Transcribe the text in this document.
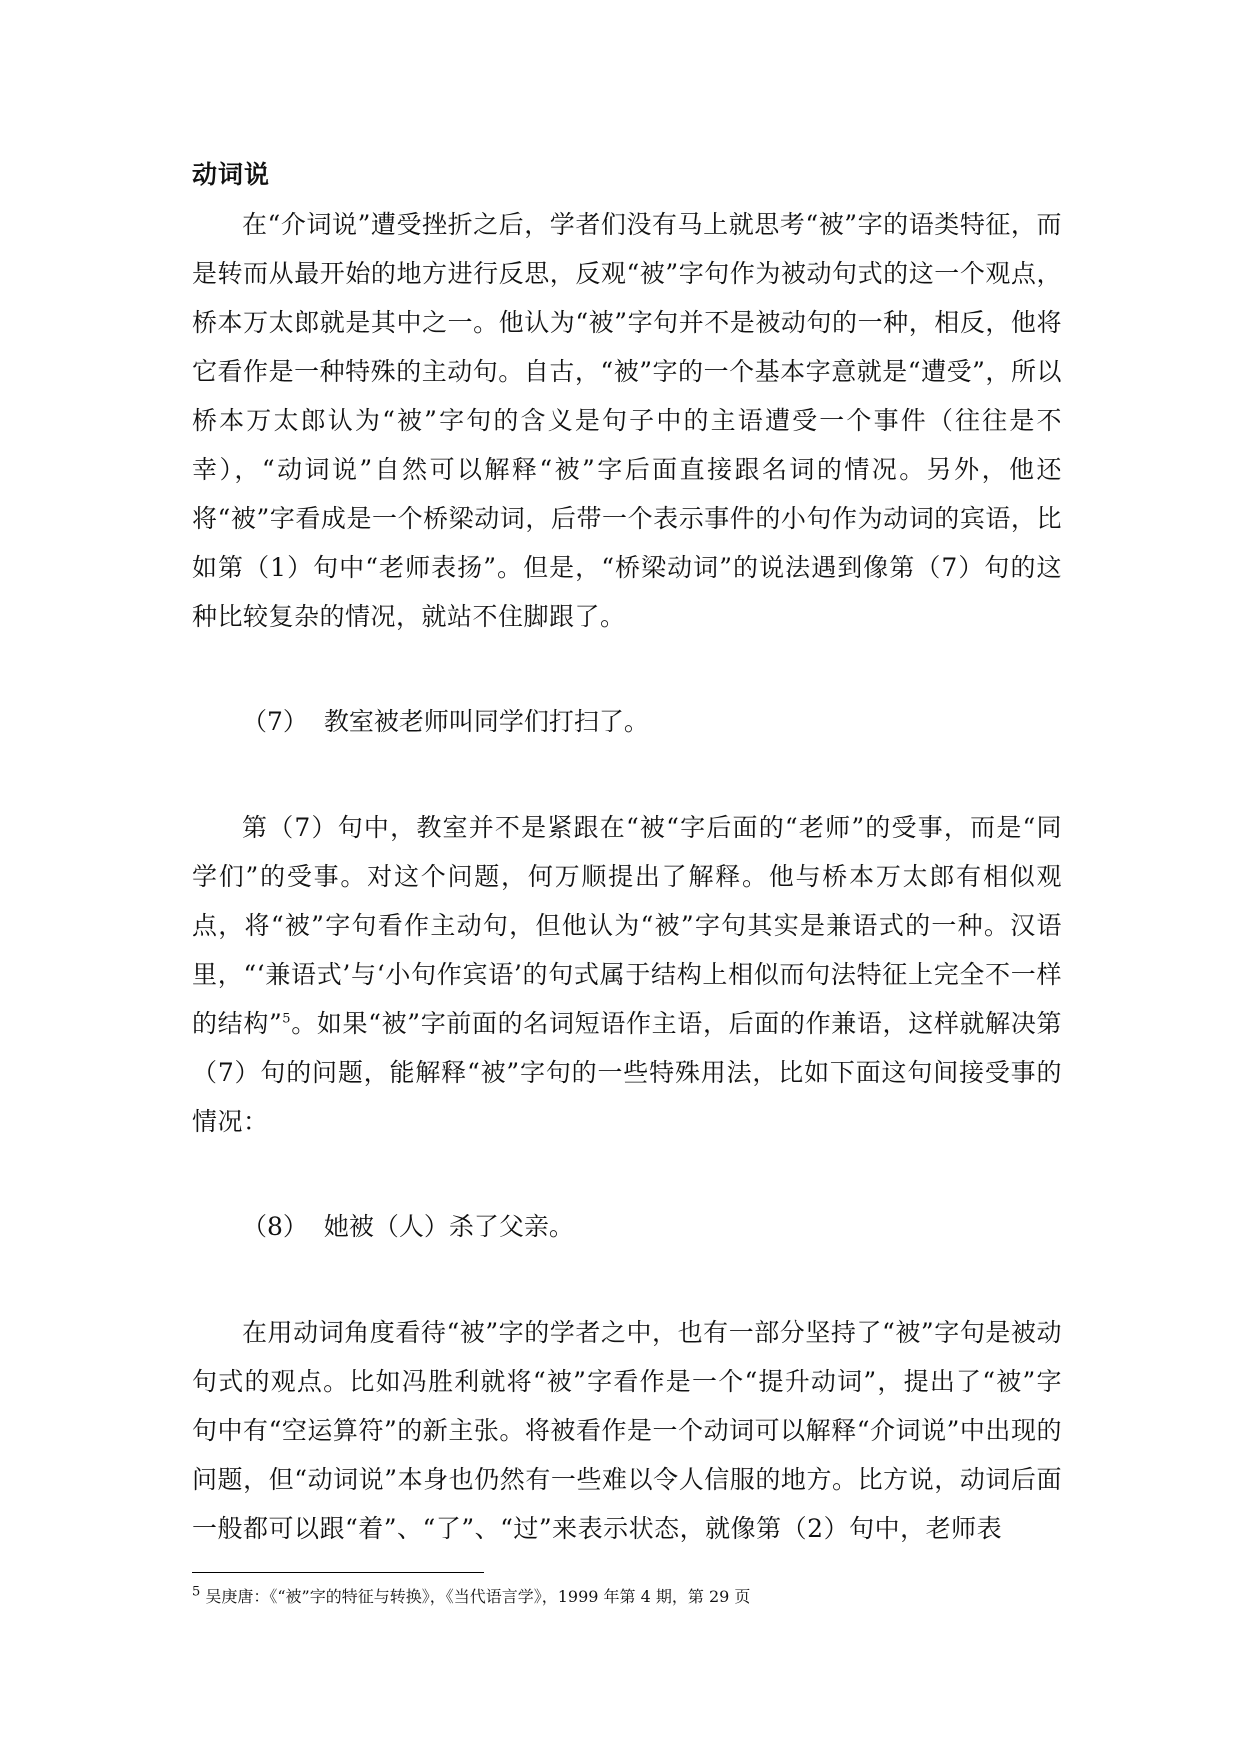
动词说

在“介词说”遭受挫折之后，学者们没有马上就思考“被”字的语类特征，而是转而从最开始的地方进行反思，反观“被”字句作为被动句式的这一个观点，桥本万太郎就是其中之一。他认为“被”字句并不是被动句的一种，相反，他将它看作是一种特殊的主动句。自古，“被”字的一个基本字意就是“遭受”，所以桥本万太郎认为“被”字句的含义是句子中的主语遭受一个事件（往往是不幸），“动词说”自然可以解释“被”字后面直接跟名词的情况。另外，他还将“被”字看成是一个桥梁动词，后带一个表示事件的小句作为动词的宾语，比如第（1）句中“老师表扬”。但是，“桥梁动词”的说法遇到像第（7）句的这种比较复杂的情况，就站不住脚跟了。

（7） 教室被老师叫同学们打扫了。

第（7）句中，教室并不是紧跟在“被“字后面的“老师”的受事，而是“同学们”的受事。对这个问题，何万顺提出了解释。他与桥本万太郎有相似观点，将“被”字句看作主动句，但他认为“被”字句其实是兼语式的一种。汉语里，“‘兼语式’与‘小句作宾语’的句式属于结构上相似而句法特征上完全不一样的结构”$^5$。如果“被”字前面的名词短语作主语，后面的作兼语，这样就解决第（7）句的问题，能解释“被”字句的一些特殊用法，比如下面这句间接受事的情况：

（8） 她被（人）杀了父亲。

在用动词角度看待“被”字的学者之中，也有一部分坚持了“被”字句是被动句式的观点。比如冯胜利就将“被”字看作是一个“提升动词”，提出了“被”字句中有“空运算符”的新主张。将被看作是一个动词可以解释“介词说”中出现的问题，但“动词说”本身也仍然有一些难以令人信服的地方。比方说，动词后面一般都可以跟“着”、“了”、“过”来表示状态，就像第（2）句中，老师表

$^5$ 吴庚唐：《“被”字的特征与转换》，《当代语言学》，1999 年第 4 期，第 29 页
